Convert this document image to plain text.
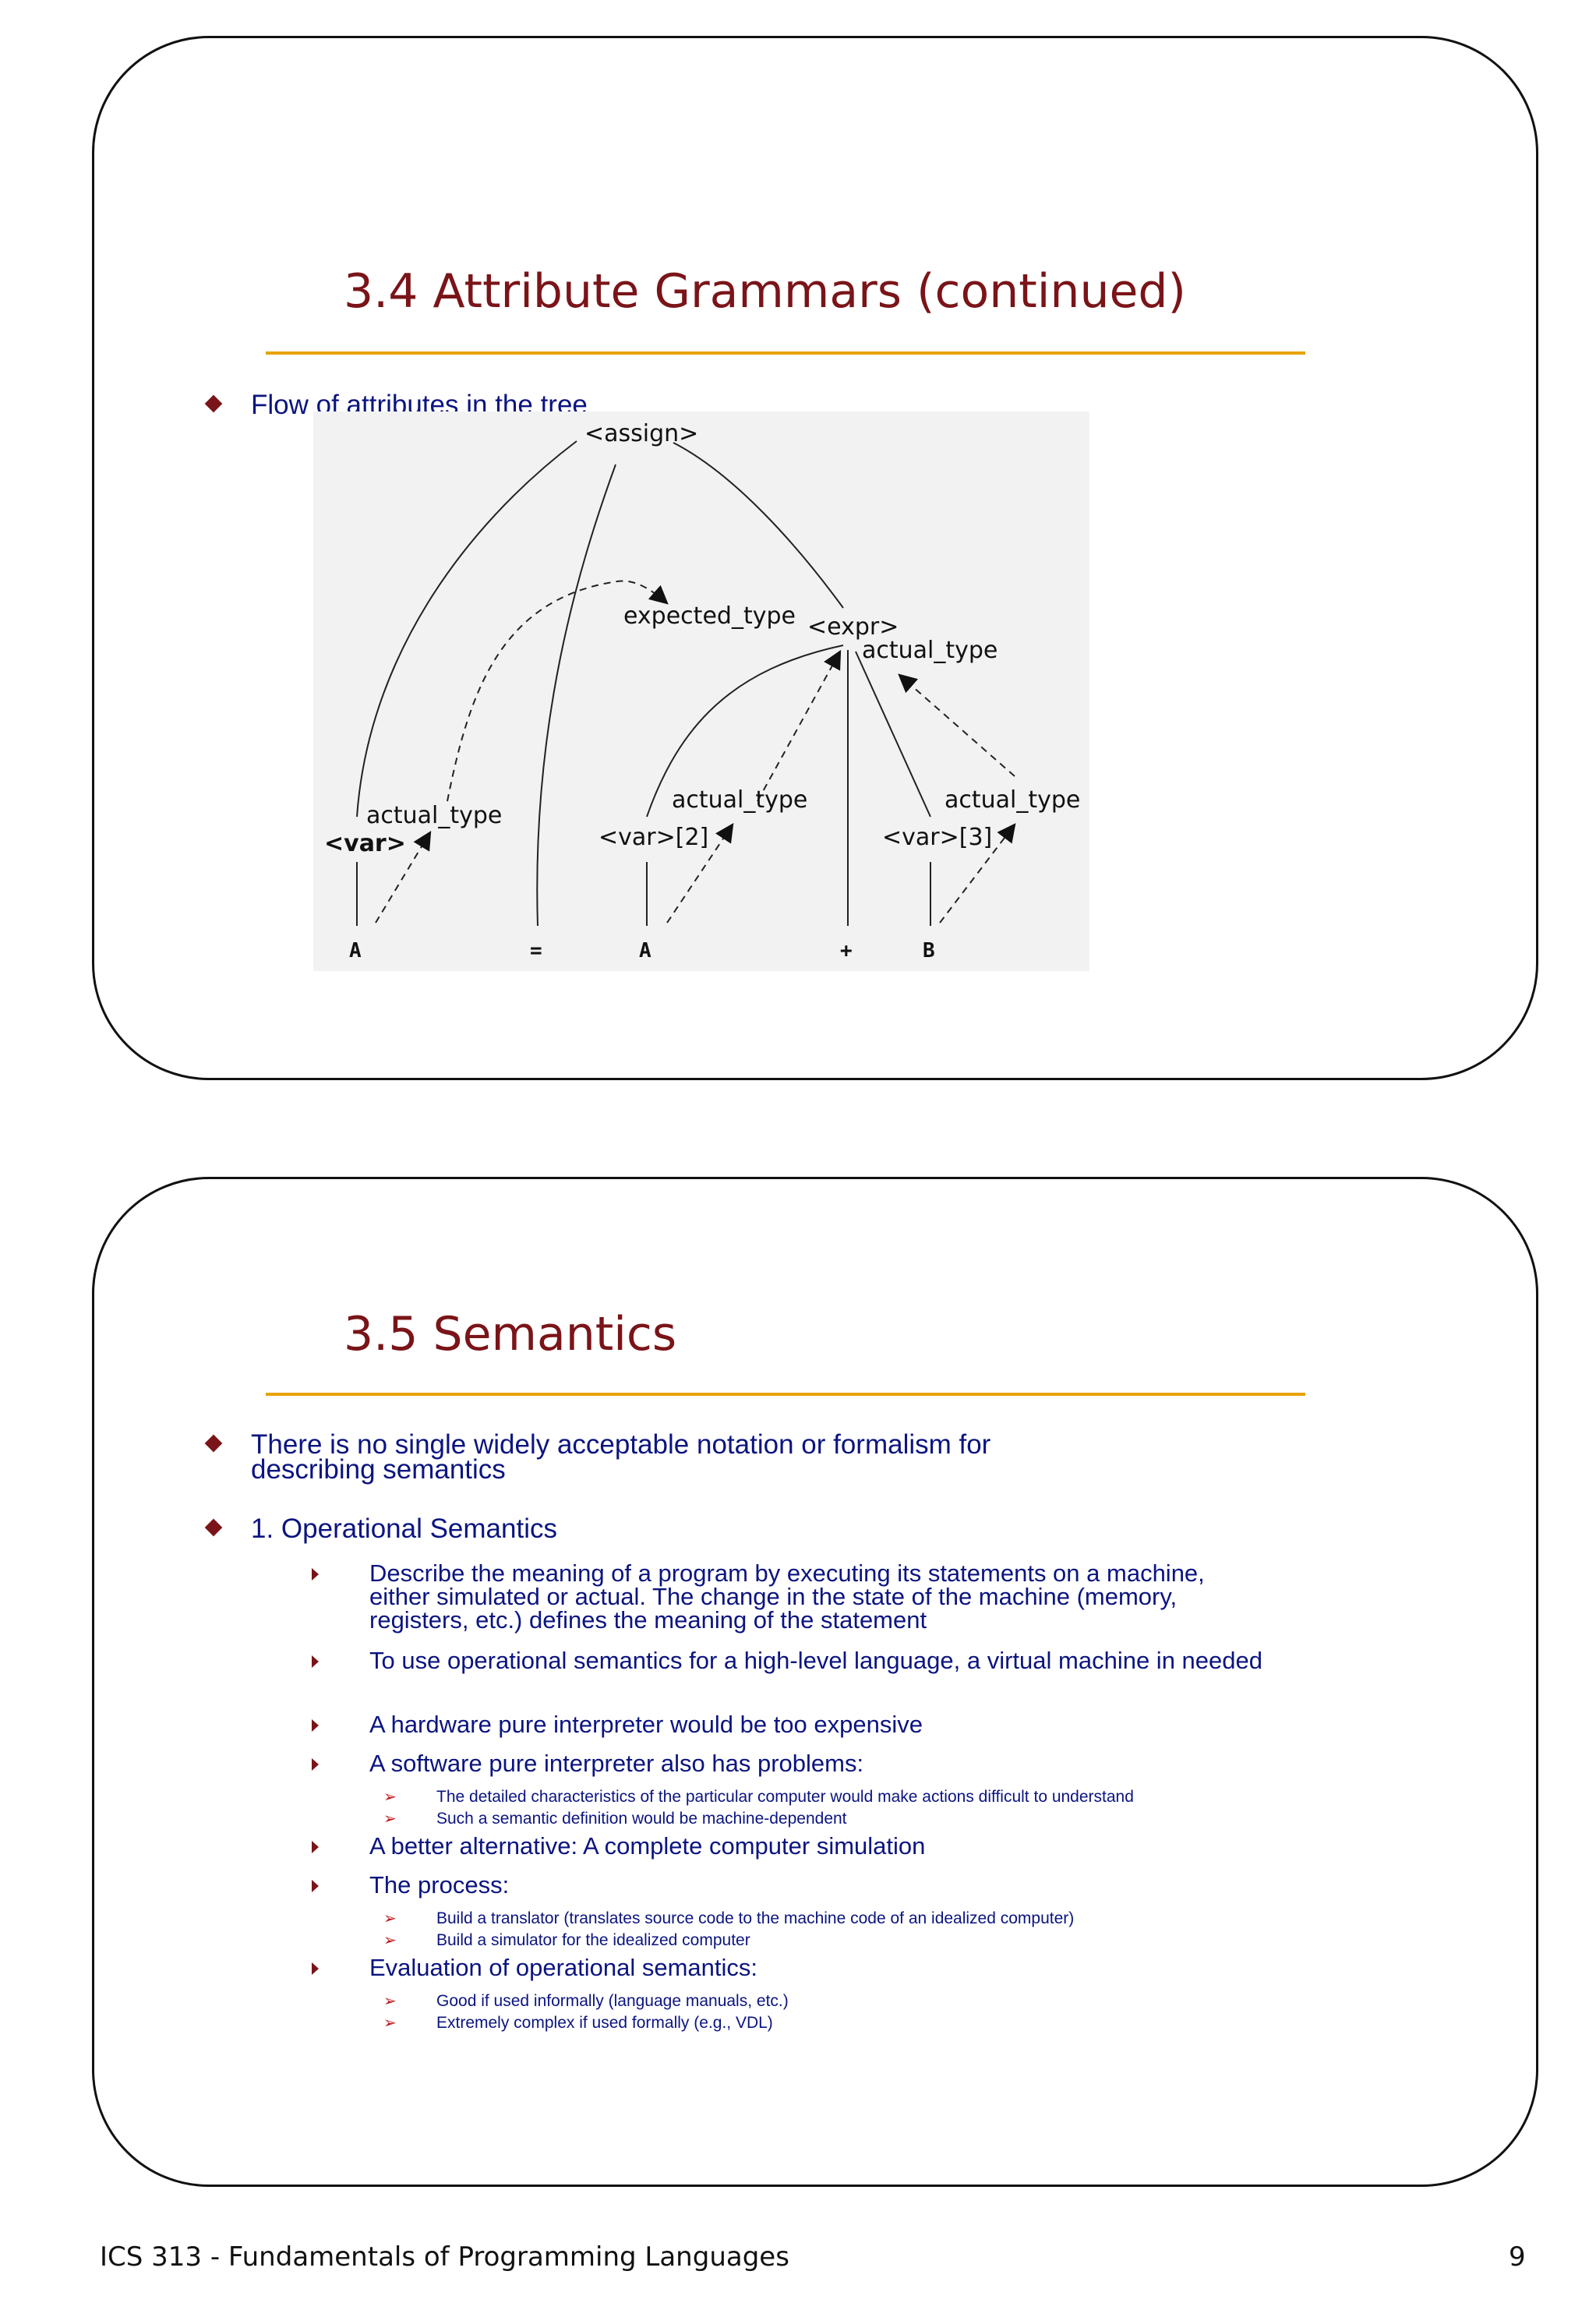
3.4 Attribute Grammars (continued)
Flow of attributes in the tree
<assign>
expected_type <expr>
actual_type
actual_type
<var>
actual_type
<var>[2]
actual_type
<var>[3]
A	=	A	+	B
3.5 Semantics
There is no single widely acceptable notation or formalism for describing semantics
1. Operational Semantics
Describe the meaning of a program by executing its statements on a machine, either simulated or actual. The change in the state of the machine (memory, registers, etc.) defines the meaning of the statement
To use operational semantics for a high-level language, a virtual machine in needed
A hardware pure interpreter would be too expensive
A software pure interpreter also has problems:
➢ The detailed characteristics of the particular computer would make actions difficult to understand
➢ Such a semantic definition would be machine-dependent
A better alternative: A complete computer simulation
The process:
➢ Build a translator (translates source code to the machine code of an idealized computer)
➢ Build a simulator for the idealized computer
Evaluation of operational semantics:
➢ Good if used informally (language manuals, etc.)
➢ Extremely complex if used formally (e.g., VDL)
ICS 313 - Fundamentals of Programming Languages	9
